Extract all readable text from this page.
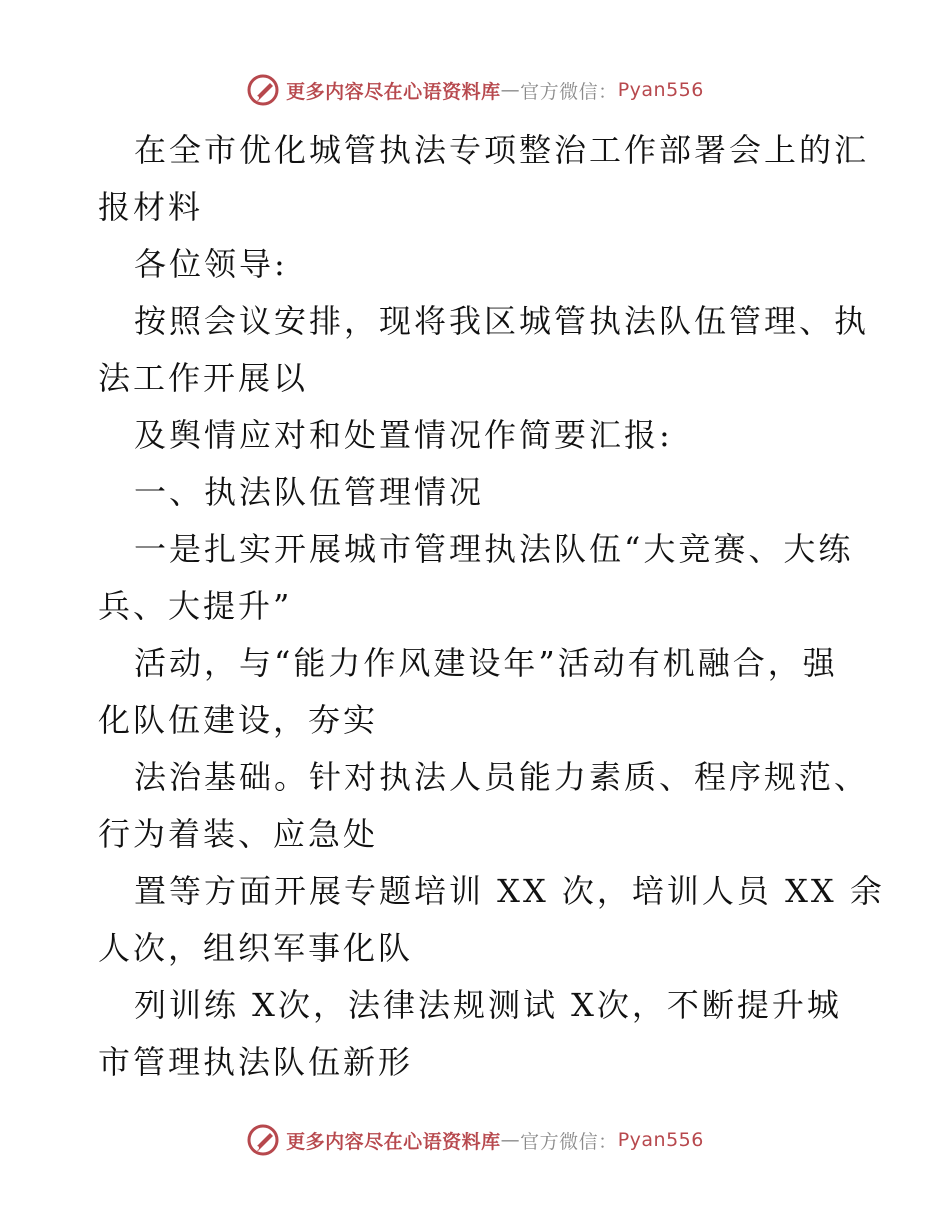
更多内容尽在心语资料库 — 官方微信： Pyan556
在全市优化城管执法专项整治工作部署会上的汇
报材料
各位领导:
按照会议安排，现将我区城管执法队伍管理、执
法工作开展以
及舆情应对和处置情况作简要汇报:
一、执法队伍管理情况
一是扎实开展城市管理执法队伍“大竞赛、大练
兵、大提升”
活动，与“能力作风建设年”活动有机融合，强
化队伍建设，夯实
法治基础。针对执法人员能力素质、程序规范、
行为着装、应急处
置等方面开展专题培训 XX 次，培训人员 XX 余
人次，组织军事化队
列训练 X次，法律法规测试 X次，不断提升城
市管理执法队伍新形
更多内容尽在心语资料库 — 官方微信： Pyan556
